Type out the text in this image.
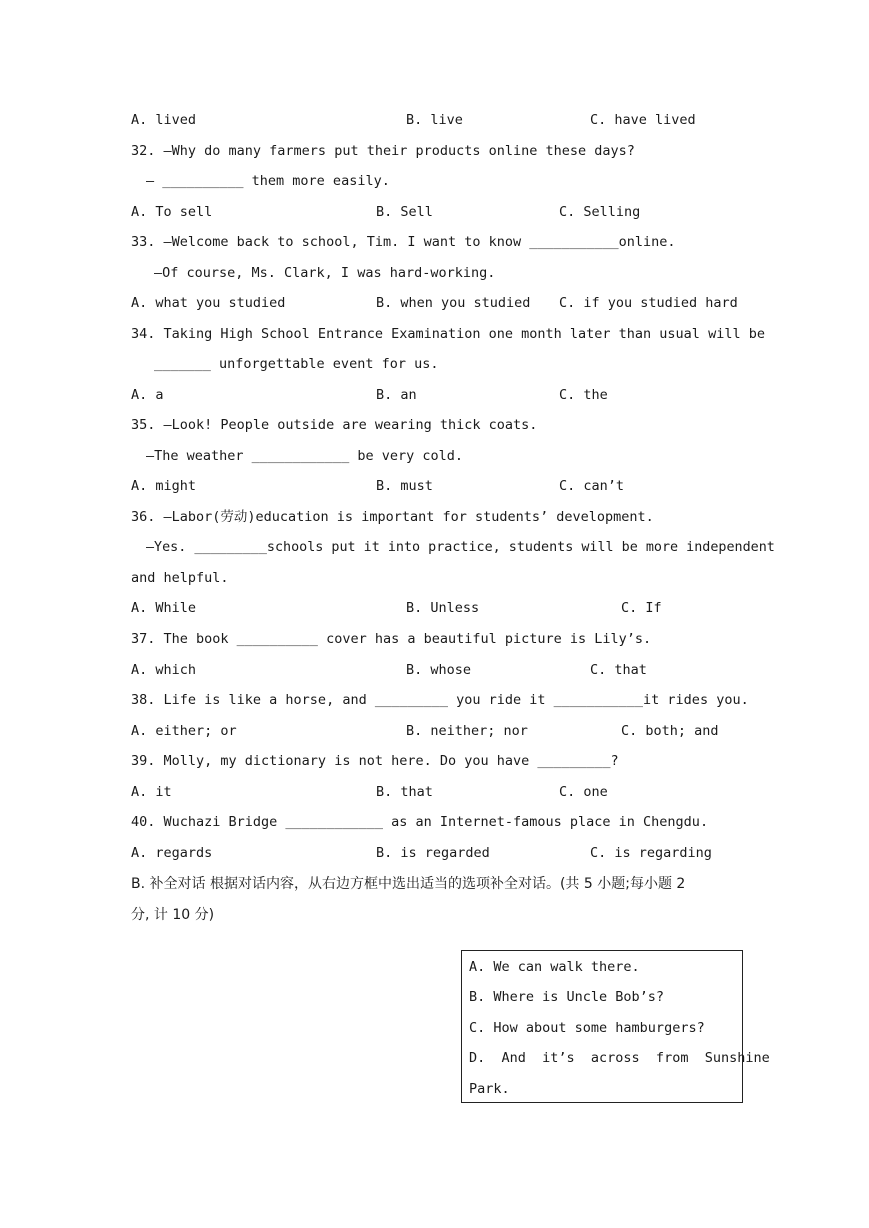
A. lived	B. live	C. have lived
32. —Why do many farmers put their products online these days?
— __________ them more easily.
A. To sell	B. Sell	C. Selling
33. —Welcome back to school, Tim. I want to know ___________online.
—Of course, Ms. Clark, I was hard-working.
A. what you studied	B. when you studied C. if you studied hard
34. Taking High School Entrance Examination one month later than usual will be
_______ unforgettable event for us.
A. a	B. an	C. the
35. —Look! People outside are wearing thick coats.
—The weather ____________ be very cold.
A. might	B. must	C. can’t
36. —Labor(劳动)education is important for students’ development.
—Yes. _________schools put it into practice, students will be more independent
and helpful.
A. While	B. Unless	C. If
37. The book __________ cover has a beautiful picture is Lily’s.
A. which	B. whose	C. that
38. Life is like a horse, and _________ you ride it ___________it rides you.
A. either; or	B. neither; nor	C. both; and
39. Molly, my dictionary is not here. Do you have _________?
A. it	B. that	C. one
40. Wuchazi Bridge ____________ as an Internet-famous place in Chengdu.
A. regards	B. is regarded	C. is regarding
B. 补全对话 根据对话内容，从右边方框中选出适当的选项补全对话。(共 5 小题;每小题 2
分, 计 10 分)
A. We can walk there.
B. Where is Uncle Bob’s?
C. How about some hamburgers?
D.  And  it’s  across  from  Sunshine
Park.
